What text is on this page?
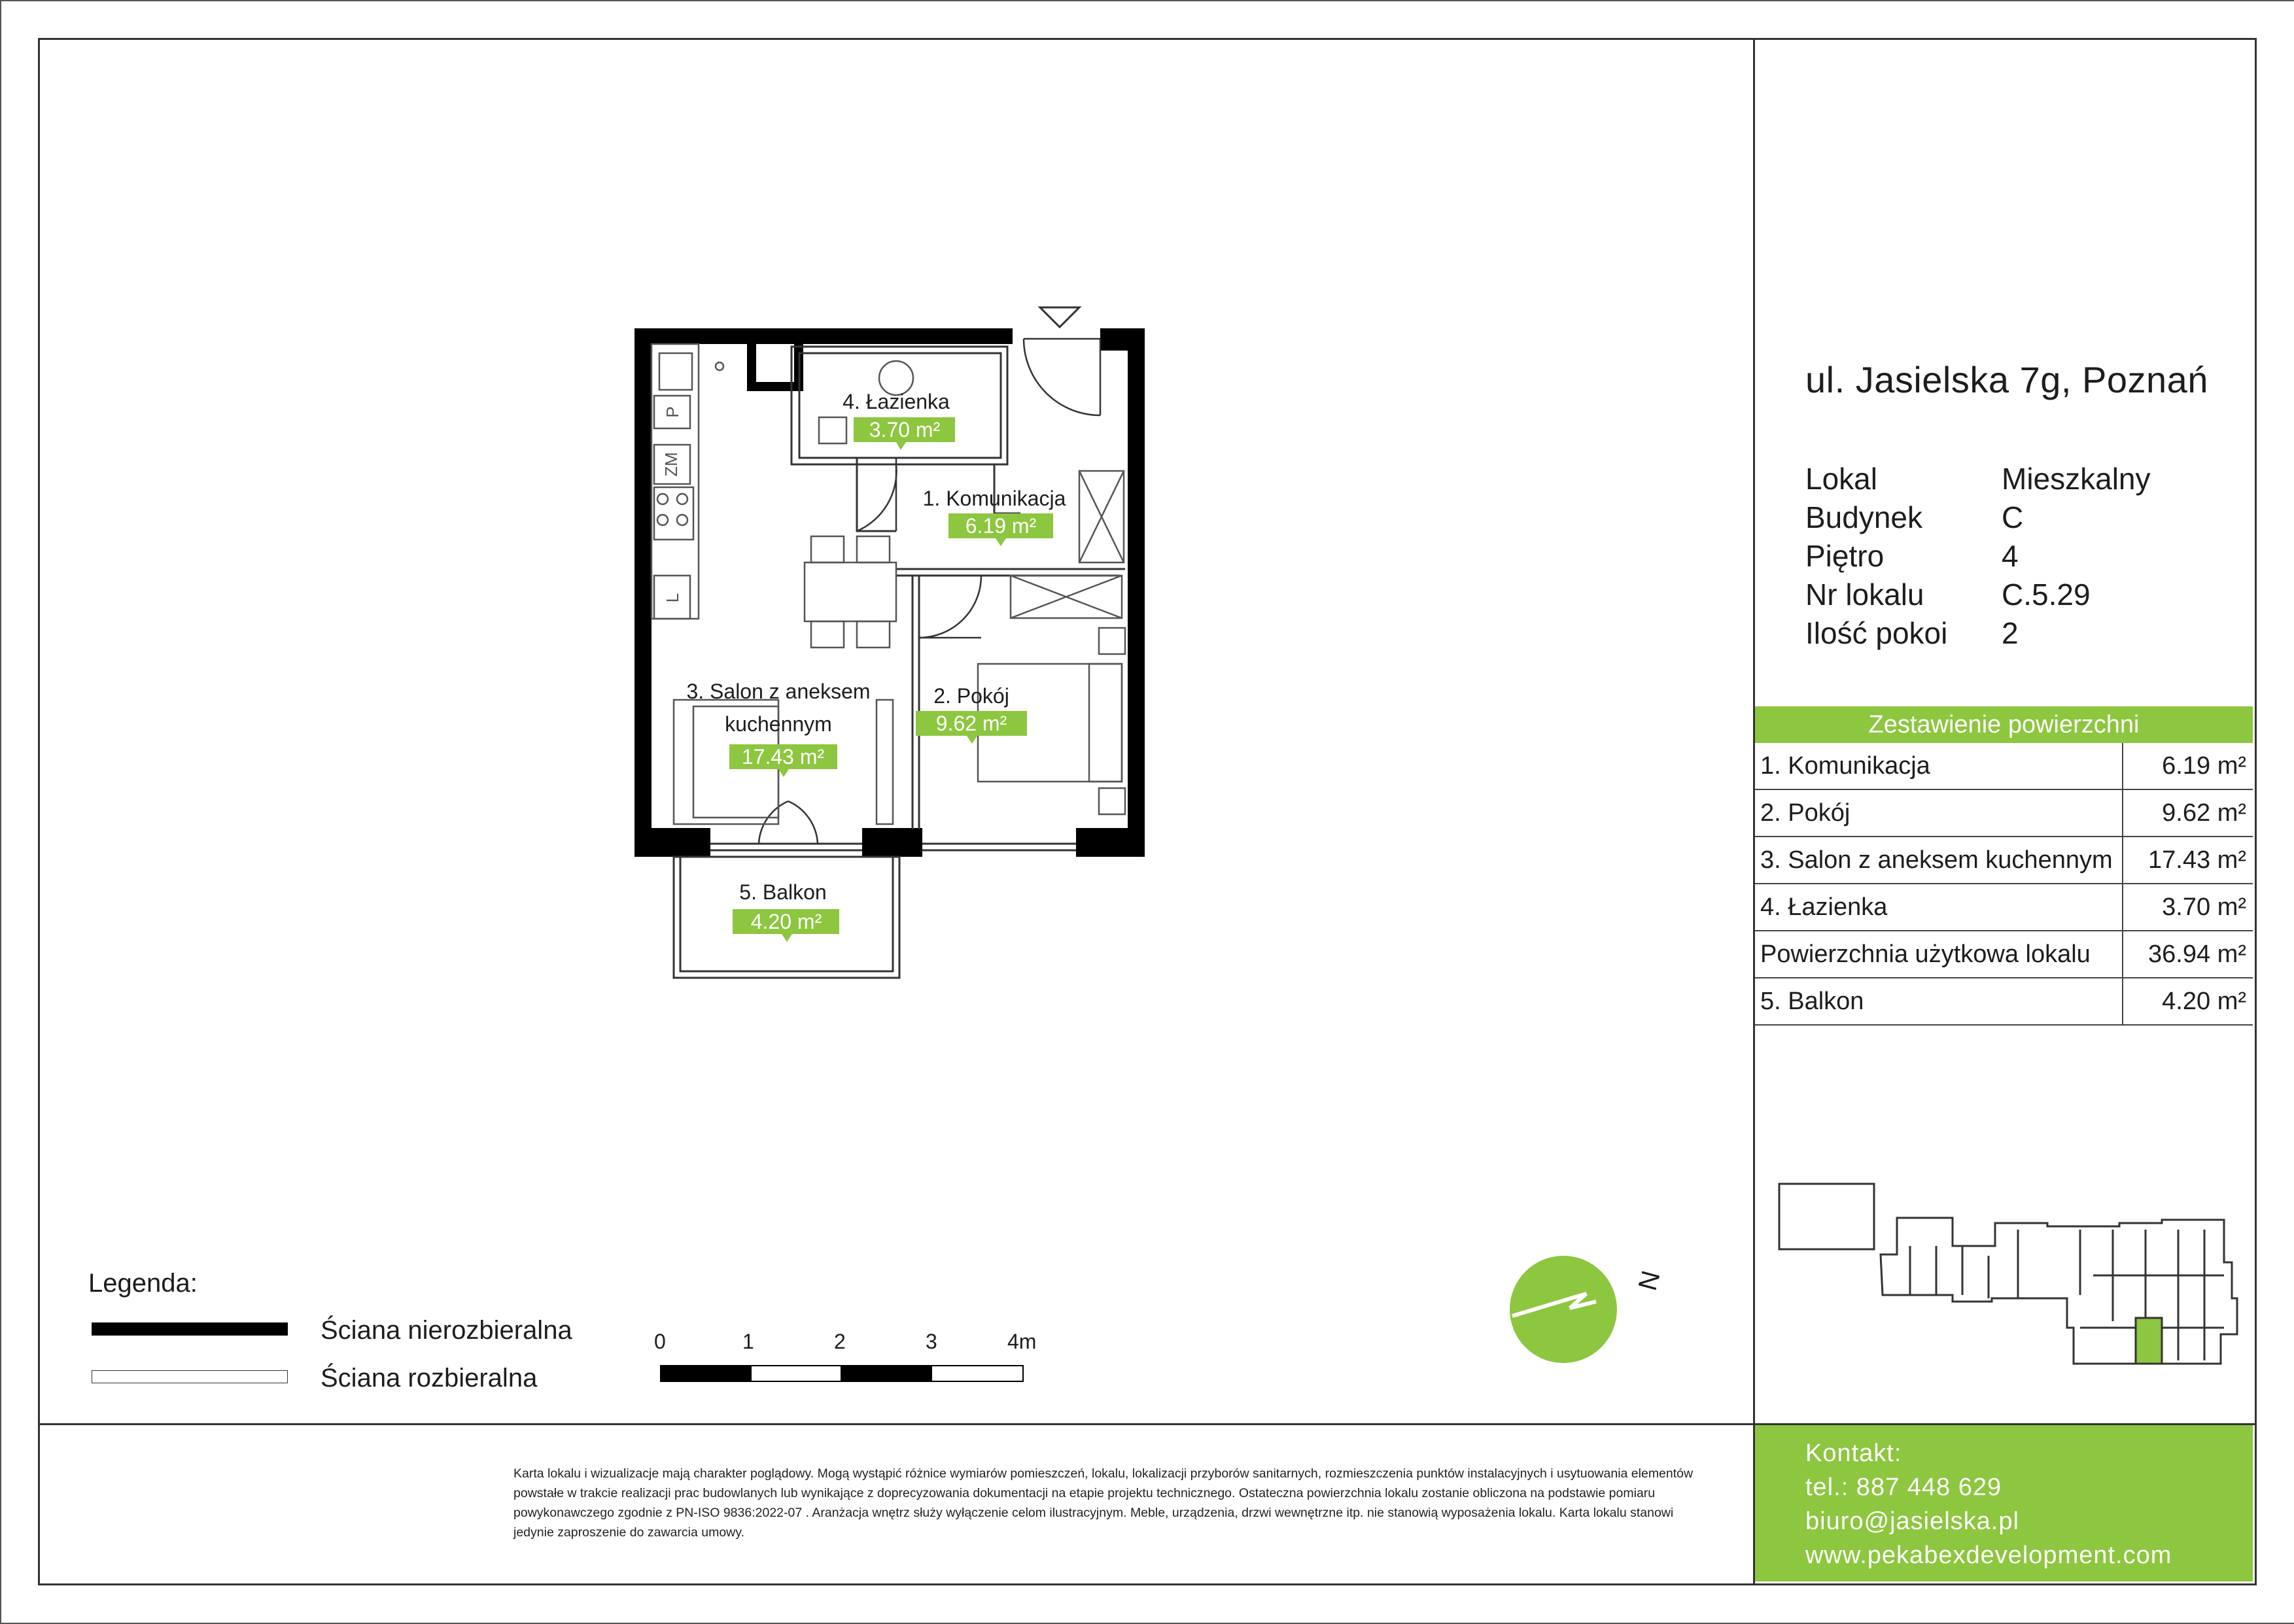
4. Łazienka
3.70 m²
1. Komunikacja
6.19 m²
3. Salon z aneksem
kuchennym
17.43 m²
2. Pokój
9.62 m²
5. Balkon
4.20 m²
P
ZM
L
N
ul. Jasielska 7g, Poznań
Lokal	Mieszkalny
Budynek	C
Piętro	4
Nr lokalu	C.5.29
Ilość pokoi 2
Zestawienie powierzchni
1. Komunikacja	6.19 m²
2. Pokój	9.62 m²
3. Salon z aneksem kuchennym	17.43 m²
4. Łazienka	3.70 m²
Powierzchnia użytkowa lokalu	36.94 m²
5. Balkon	4.20 m²
Legenda:
Ściana nierozbieralna
Ściana rozbieralna
0	1	2	3	4m
Karta lokalu i wizualizacje mają charakter poglądowy. Mogą wystąpić różnice wymiarów pomieszczeń, lokalu, lokalizacji przyborów sanitarnych, rozmieszczenia punktów instalacyjnych i usytuowania elementów powstałe w trakcie realizacji prac budowlanych lub wynikające z doprecyzowania dokumentacji na etapie projektu technicznego. Ostateczna powierzchnia lokalu zostanie obliczona na podstawie pomiaru powykonawczego zgodnie z PN-ISO 9836:2022-07 . Aranżacja wnętrz służy wyłączenie celom ilustracyjnym. Meble, urządzenia, drzwi wewnętrzne itp. nie stanowią wyposażenia lokalu. Karta lokalu stanowi jedynie zaproszenie do zawarcia umowy.
Kontakt:
tel.: 887 448 629
biuro@jasielska.pl
www.pekabexdevelopment.com
